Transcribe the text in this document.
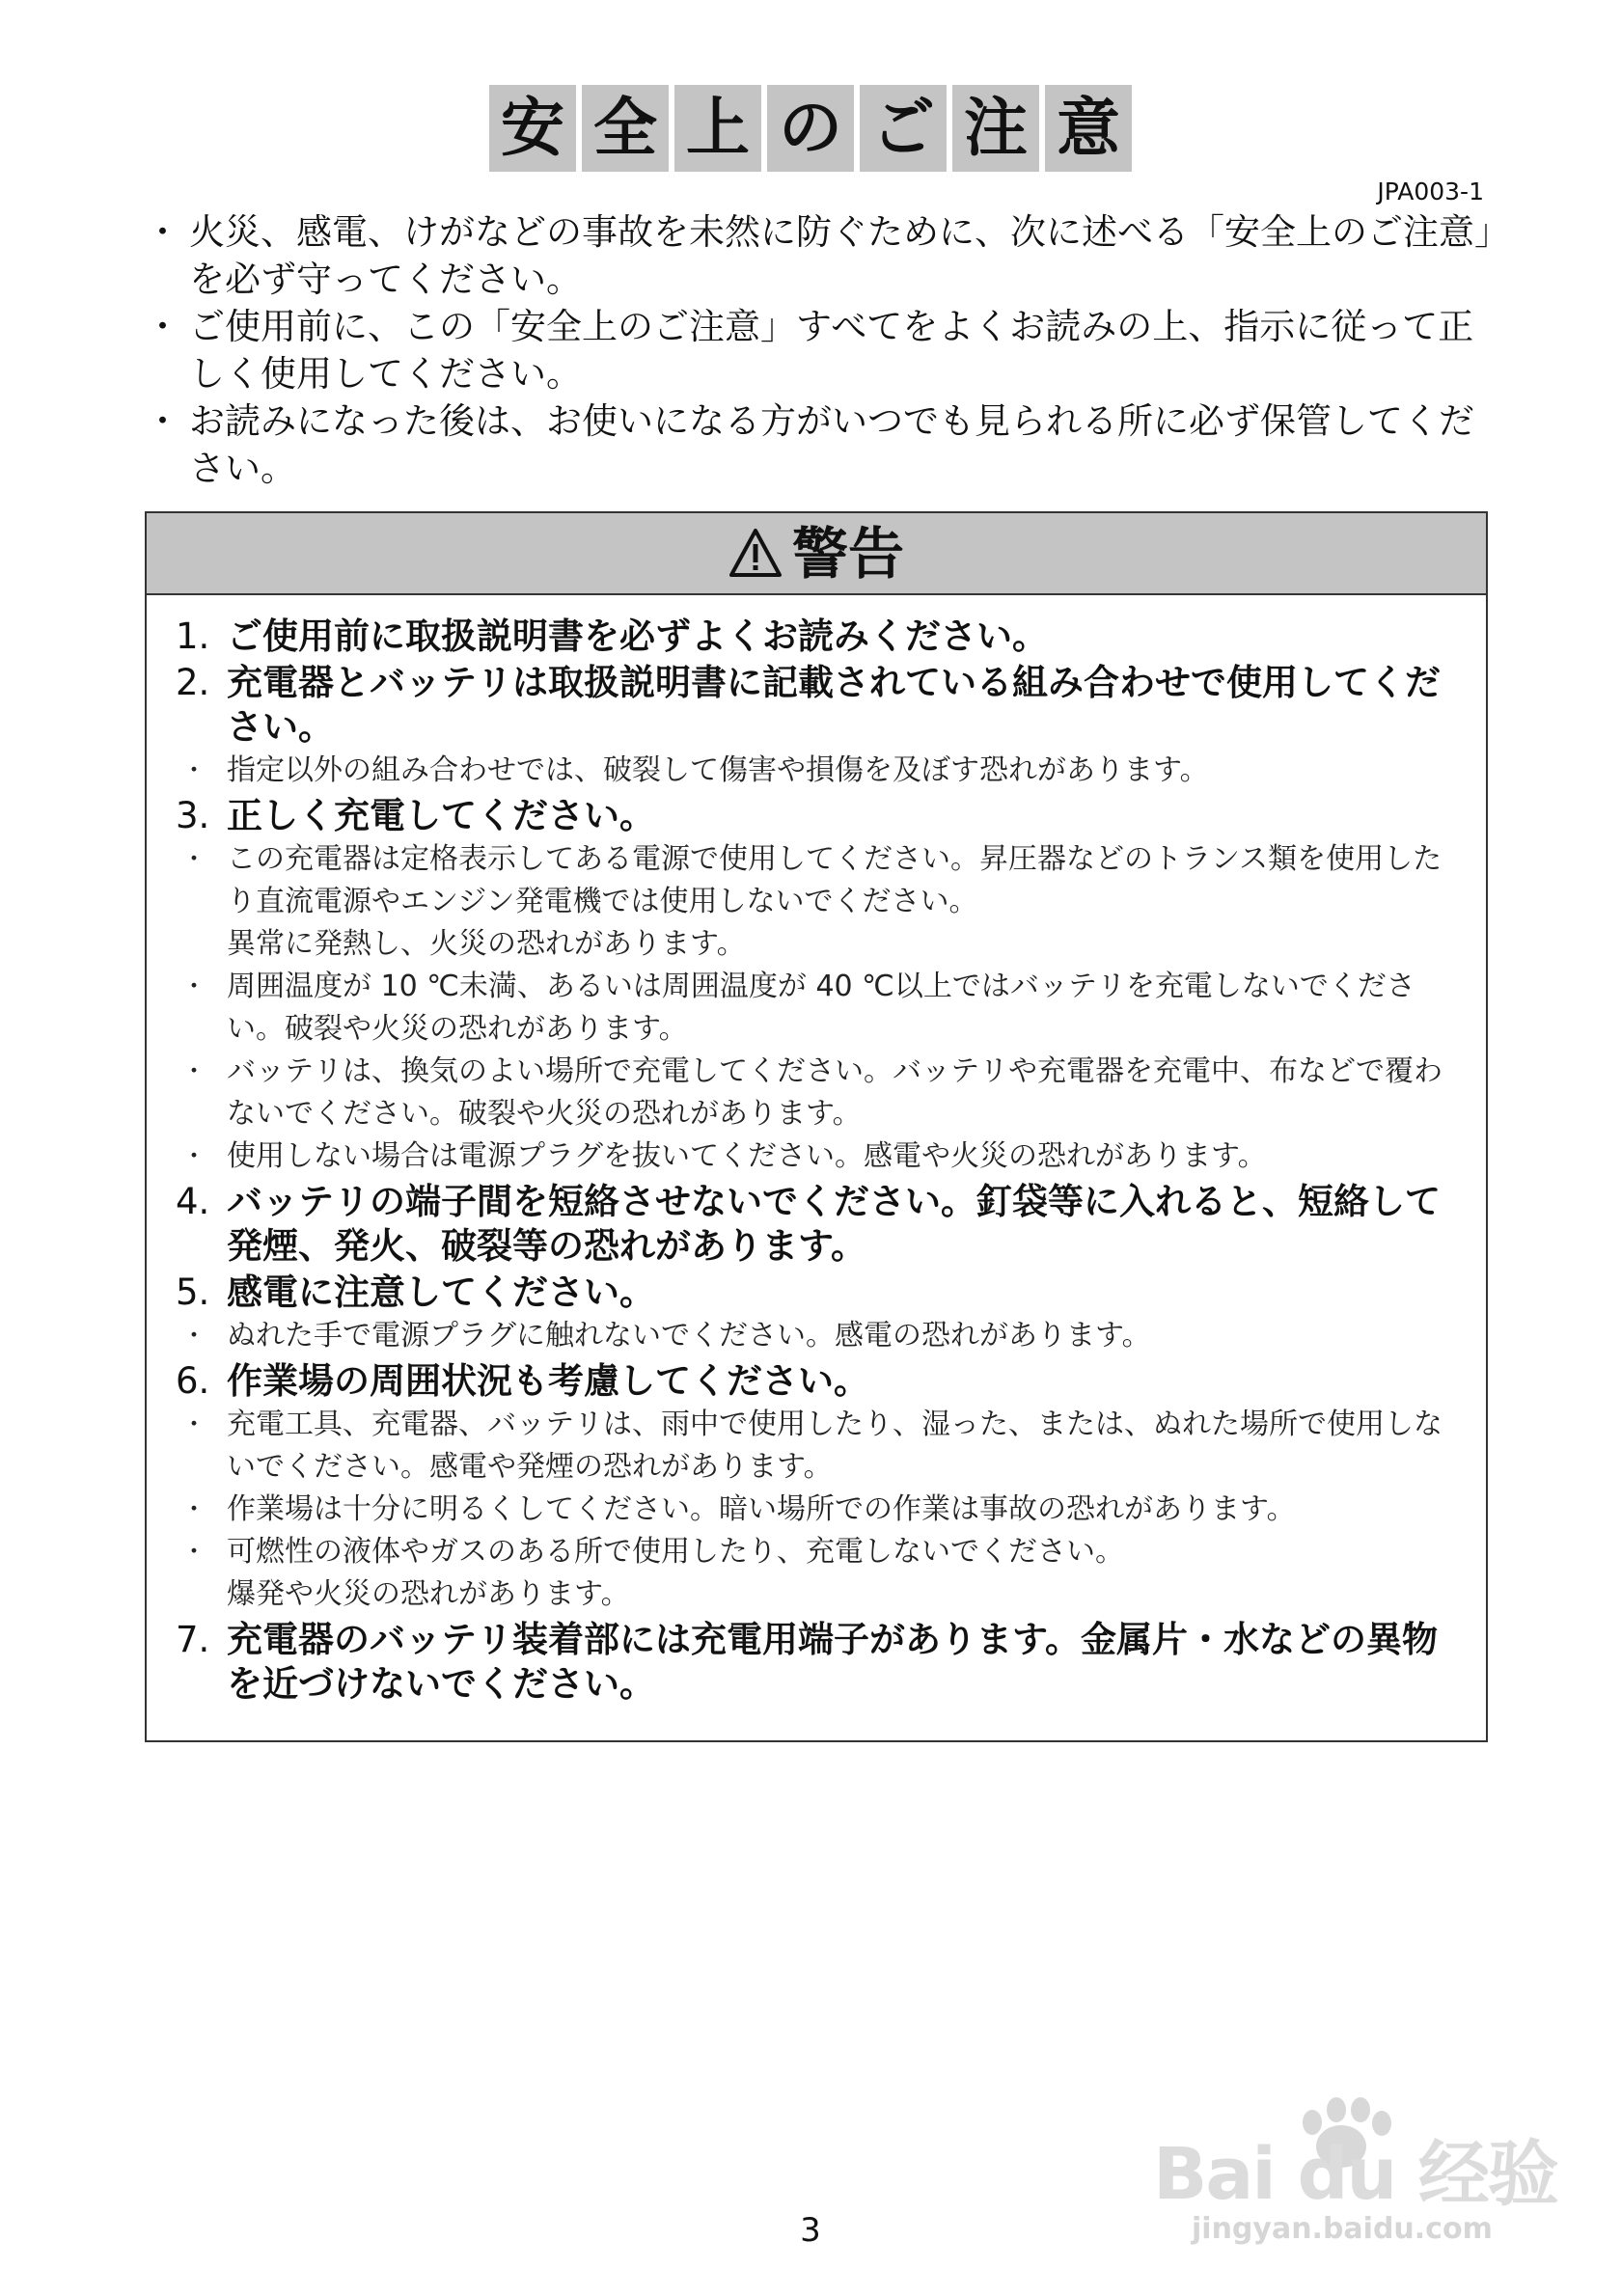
安 全 上 の ご 注 意
JPA003-1
・ 火災、感電、けがなどの事故を未然に防ぐために、次に述べる「安全上のご注意」を必ず守ってください。
・ ご使用前に、この「安全上のご注意」すべてをよくお読みの上、指示に従って正しく使用してください。
・ お読みになった後は、お使いになる方がいつでも見られる所に必ず保管してください。
警告
1. ご使用前に取扱説明書を必ずよくお読みください。
2. 充電器とバッテリは取扱説明書に記載されている組み合わせで使用してください。
・ 指定以外の組み合わせでは、破裂して傷害や損傷を及ぼす恐れがあります。
3. 正しく充電してください。
・ この充電器は定格表示してある電源で使用してください。昇圧器などのトランス類を使用したり直流電源やエンジン発電機では使用しないでください。
異常に発熱し、火災の恐れがあります。
・ 周囲温度が 10 ℃未満、あるいは周囲温度が 40 ℃以上ではバッテリを充電しないでください。破裂や火災の恐れがあります。
・ バッテリは、換気のよい場所で充電してください。バッテリや充電器を充電中、布などで覆わないでください。破裂や火災の恐れがあります。
・ 使用しない場合は電源プラグを抜いてください。感電や火災の恐れがあります。
4. バッテリの端子間を短絡させないでください。釘袋等に入れると、短絡して発煙、発火、破裂等の恐れがあります。
5. 感電に注意してください。
・ ぬれた手で電源プラグに触れないでください。感電の恐れがあります。
6. 作業場の周囲状況も考慮してください。
・ 充電工具、充電器、バッテリは、雨中で使用したり、湿った、または、ぬれた場所で使用しないでください。感電や発煙の恐れがあります。
・ 作業場は十分に明るくしてください。暗い場所での作業は事故の恐れがあります。
・ 可燃性の液体やガスのある所で使用したり、充電しないでください。
爆発や火災の恐れがあります。
7. 充電器のバッテリ装着部には充電用端子があります。金属片・水などの異物を近づけないでください。
Bai du 经验
jingyan.baidu.com
3
